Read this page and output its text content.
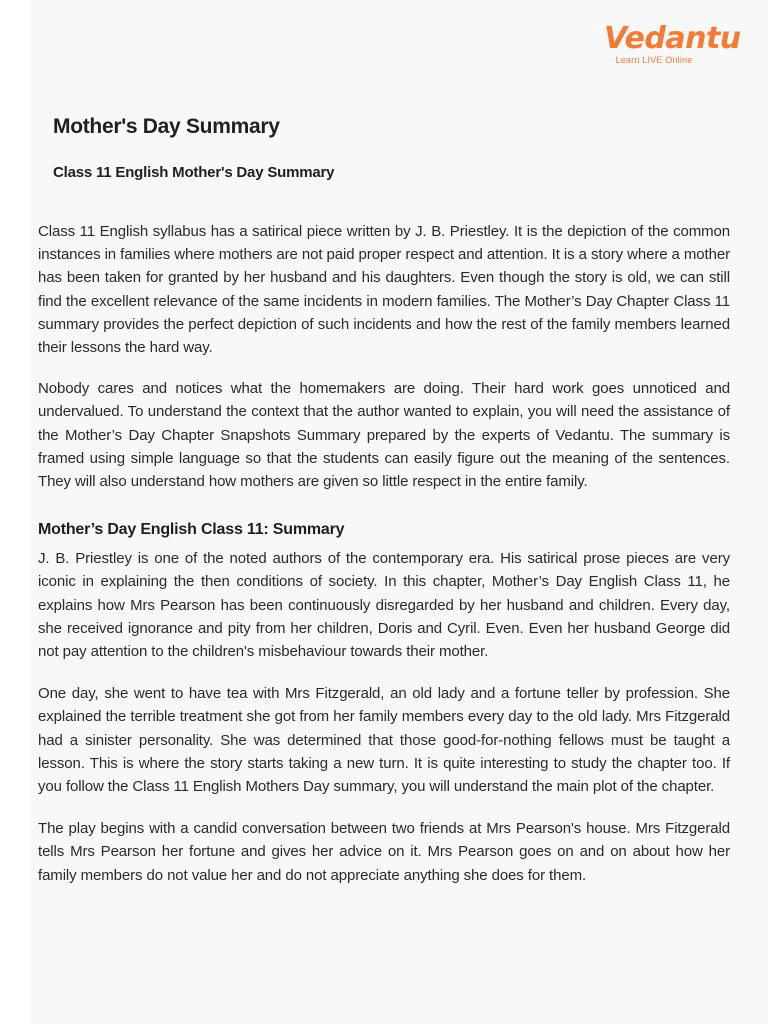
Vedantu
Learn LIVE Online
Mother's Day Summary
Class 11 English Mother's Day Summary

Class 11 English syllabus has a satirical piece written by J. B. Priestley. It is the depiction of the common instances in families where mothers are not paid proper respect and attention. It is a story where a mother has been taken for granted by her husband and his daughters. Even though the story is old, we can still find the excellent relevance of the same incidents in modern families. The Mother’s Day Chapter Class 11 summary provides the perfect depiction of such incidents and how the rest of the family members learned their lessons the hard way.

Nobody cares and notices what the homemakers are doing. Their hard work goes unnoticed and undervalued. To understand the context that the author wanted to explain, you will need the assistance of the Mother’s Day Chapter Snapshots Summary prepared by the experts of Vedantu. The summary is framed using simple language so that the students can easily figure out the meaning of the sentences. They will also understand how mothers are given so little respect in the entire family.

Mother’s Day English Class 11: Summary

J. B. Priestley is one of the noted authors of the contemporary era. His satirical prose pieces are very iconic in explaining the then conditions of society. In this chapter, Mother’s Day English Class 11, he explains how Mrs Pearson has been continuously disregarded by her husband and children. Every day, she received ignorance and pity from her children, Doris and Cyril. Even. Even her husband George did not pay attention to the children's misbehaviour towards their mother.

One day, she went to have tea with Mrs Fitzgerald, an old lady and a fortune teller by profession. She explained the terrible treatment she got from her family members every day to the old lady. Mrs Fitzgerald had a sinister personality. She was determined that those good-for-nothing fellows must be taught a lesson. This is where the story starts taking a new turn. It is quite interesting to study the chapter too. If you follow the Class 11 English Mothers Day summary, you will understand the main plot of the chapter.

The play begins with a candid conversation between two friends at Mrs Pearson's house. Mrs Fitzgerald tells Mrs Pearson her fortune and gives her advice on it. Mrs Pearson goes on and on about how her family members do not value her and do not appreciate anything she does for them.
